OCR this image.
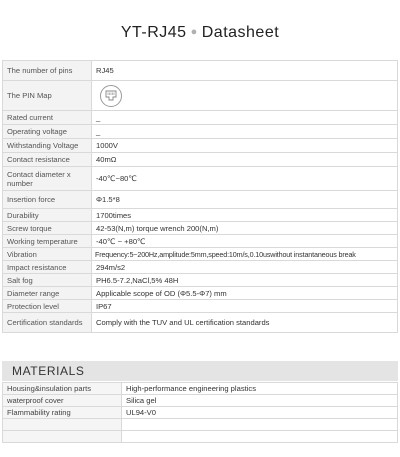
YT-RJ45 ● Datasheet
The number of pins	RJ45
The PIN Map	

Rated current	_
Operating voltage	_
Withstanding Voltage	1000V
Contact resistance	40mΩ
Contact diameter x number	-40℃~80℃
Insertion force	Φ1.5*8
Durability	1700times
Screw torque	42-53(N,m) torque wrench 200(N,m)
Working temperature	-40℃ ~ +80℃
Vibration	Frequency:5~200Hz,amplitude:5mm,speed:10m/s,0.10uswithout instantaneous break
Impact resistance	294m/s2
Salt fog	PH6.5-7.2,NaCl,5% 48H
Diameter range	Applicable scope of OD (Φ5.5-Φ7) mm
Protection level	IP67
Certification standards	Comply with the TUV and UL certification standards
MATERIALS
Housing&insulation parts	High-performance engineering plastics
waterproof cover	Silica gel
Flammability rating	UL94-V0
